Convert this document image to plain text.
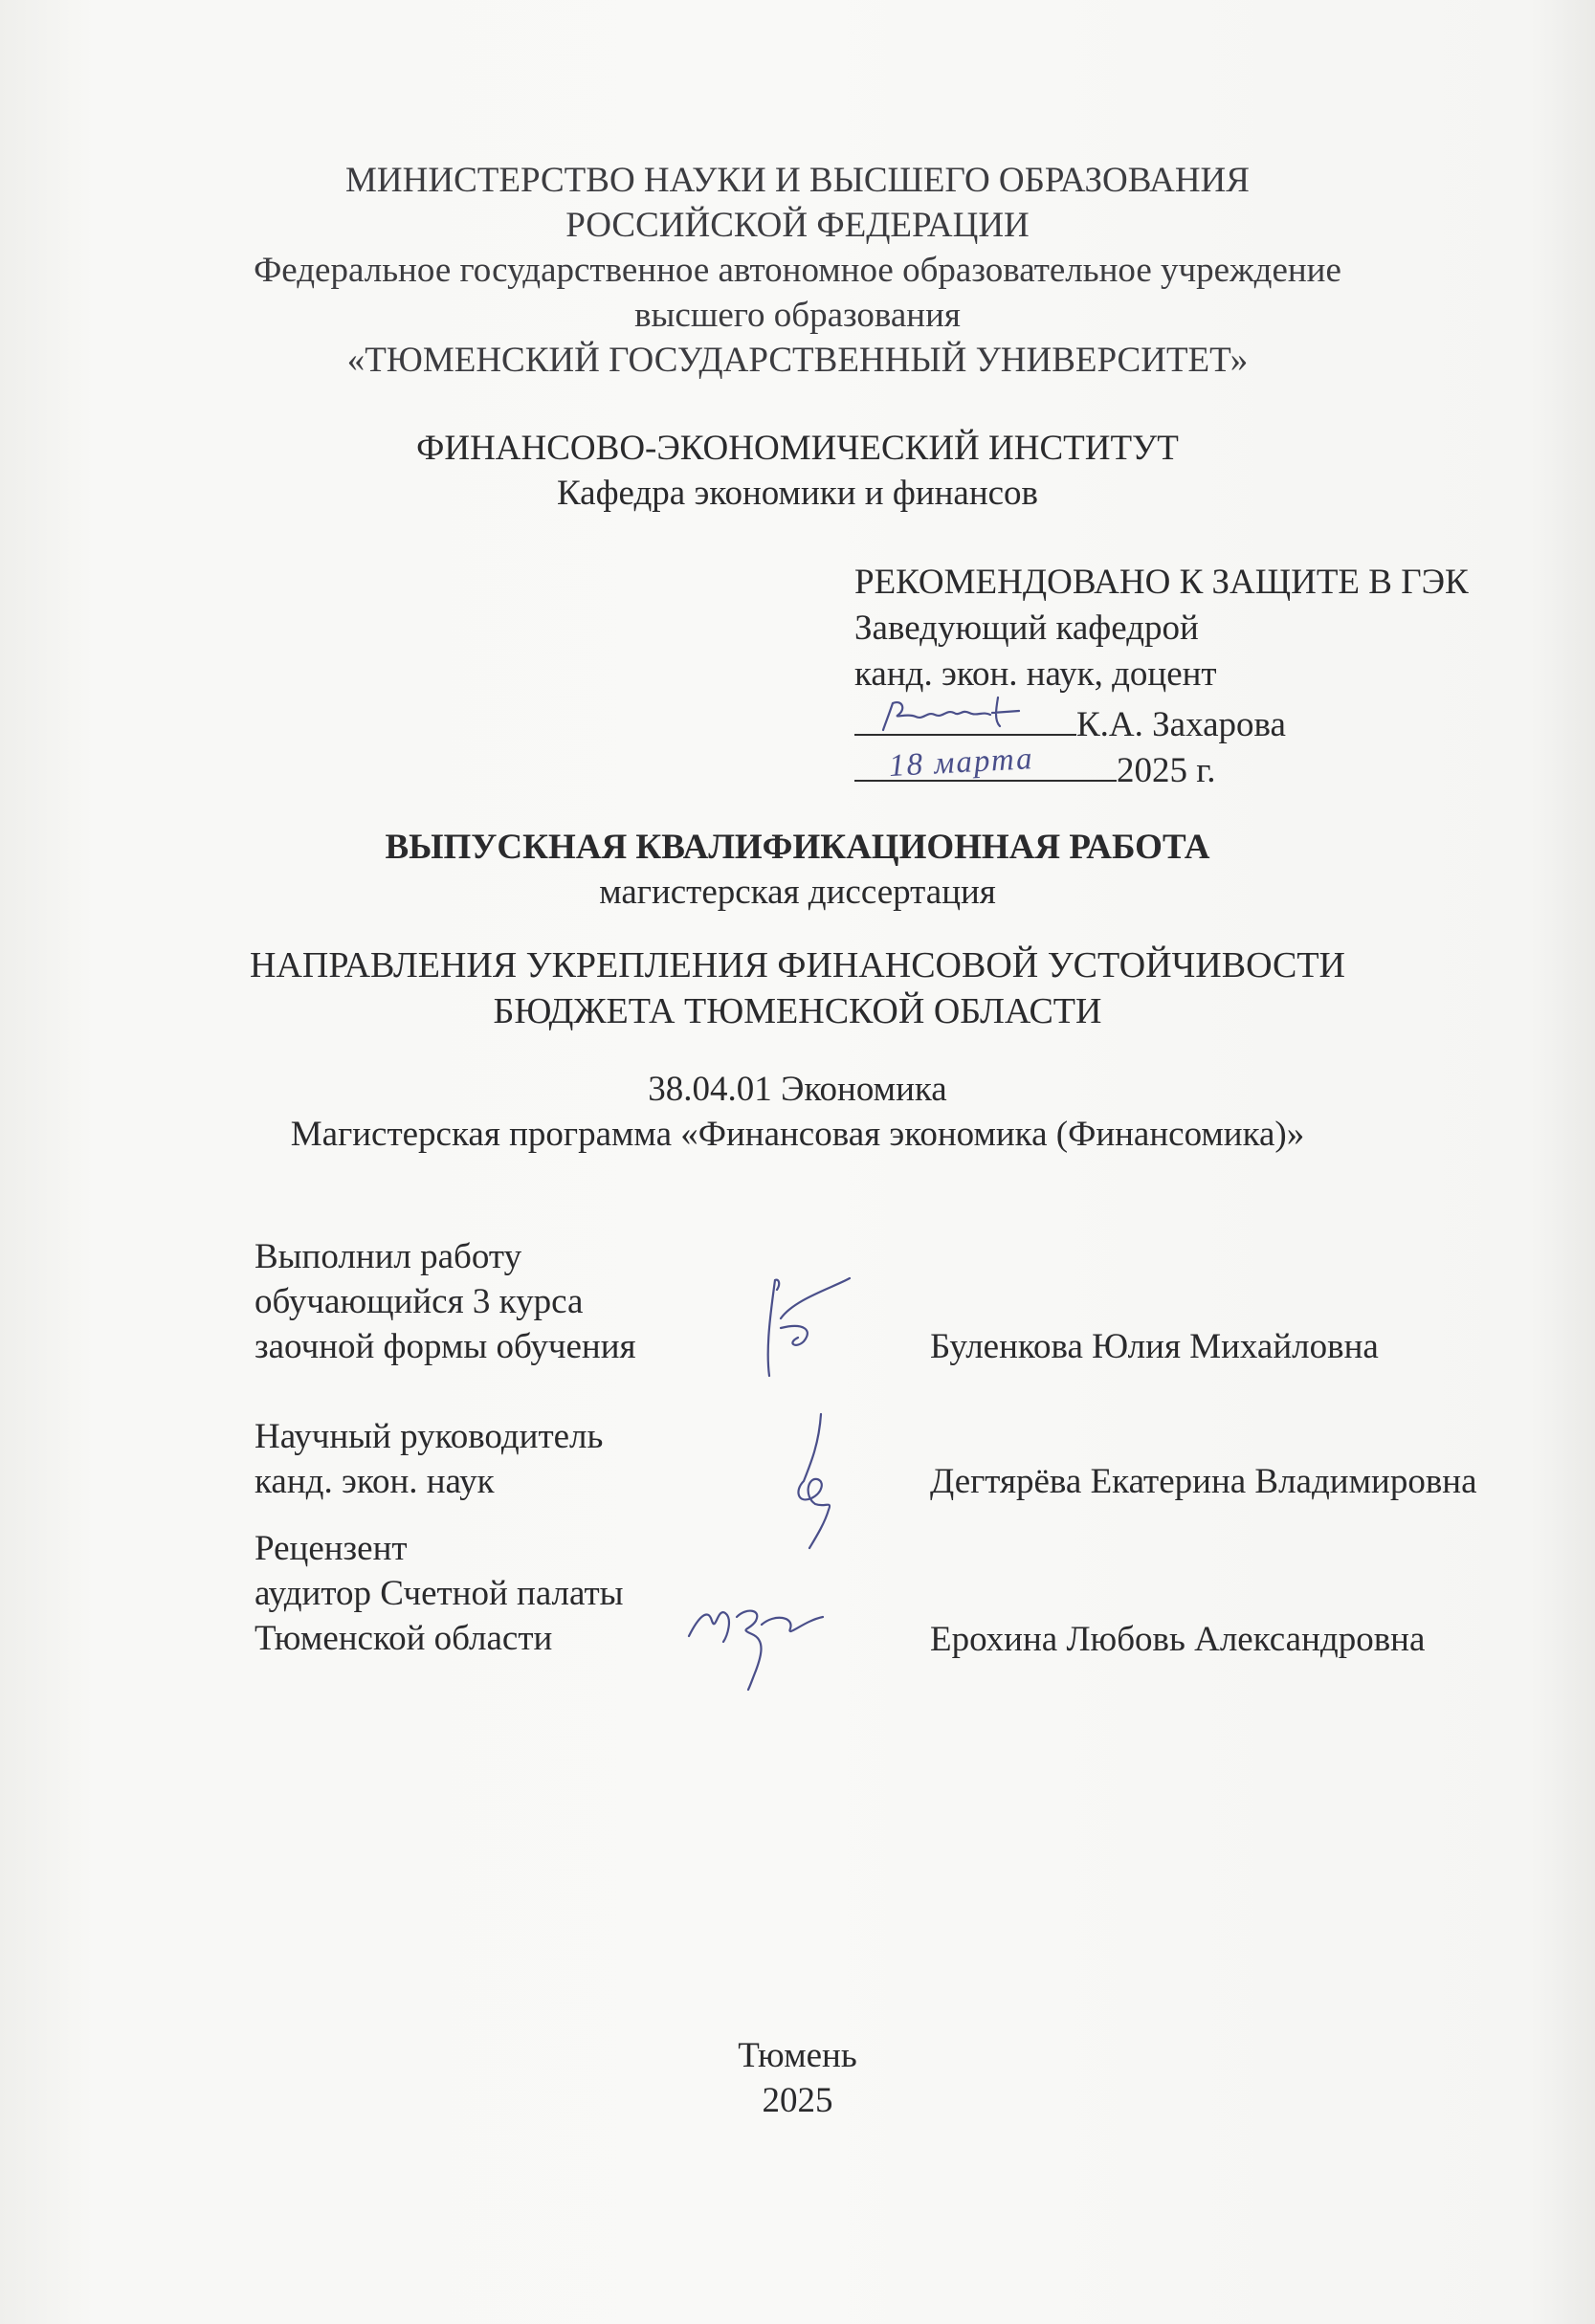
МИНИСТЕРСТВО НАУКИ И ВЫСШЕГО ОБРАЗОВАНИЯ
РОССИЙСКОЙ ФЕДЕРАЦИИ
Федеральное государственное автономное образовательное учреждение
высшего образования
«ТЮМЕНСКИЙ ГОСУДАРСТВЕННЫЙ УНИВЕРСИТЕТ»
ФИНАНСОВО-ЭКОНОМИЧЕСКИЙ ИНСТИТУТ
Кафедра экономики и финансов
РЕКОМЕНДОВАНО К ЗАЩИТЕ В ГЭК
Заведующий кафедрой
канд. экон. наук, доцент
К.А. Захарова
18 марта 2025 г.
ВЫПУСКНАЯ КВАЛИФИКАЦИОННАЯ РАБОТА
магистерская диссертация
НАПРАВЛЕНИЯ УКРЕПЛЕНИЯ ФИНАНСОВОЙ УСТОЙЧИВОСТИ
БЮДЖЕТА ТЮМЕНСКОЙ ОБЛАСТИ
38.04.01 Экономика
Магистерская программа «Финансовая экономика (Финансомика)»
Выполнил работу
обучающийся 3 курса
заочной формы обучения	Буленкова Юлия Михайловна
Научный руководитель
канд. экон. наук	Дегтярёва Екатерина Владимировна
Рецензент
аудитор Счетной палаты
Тюменской области	Ерохина Любовь Александровна
Тюмень
2025
